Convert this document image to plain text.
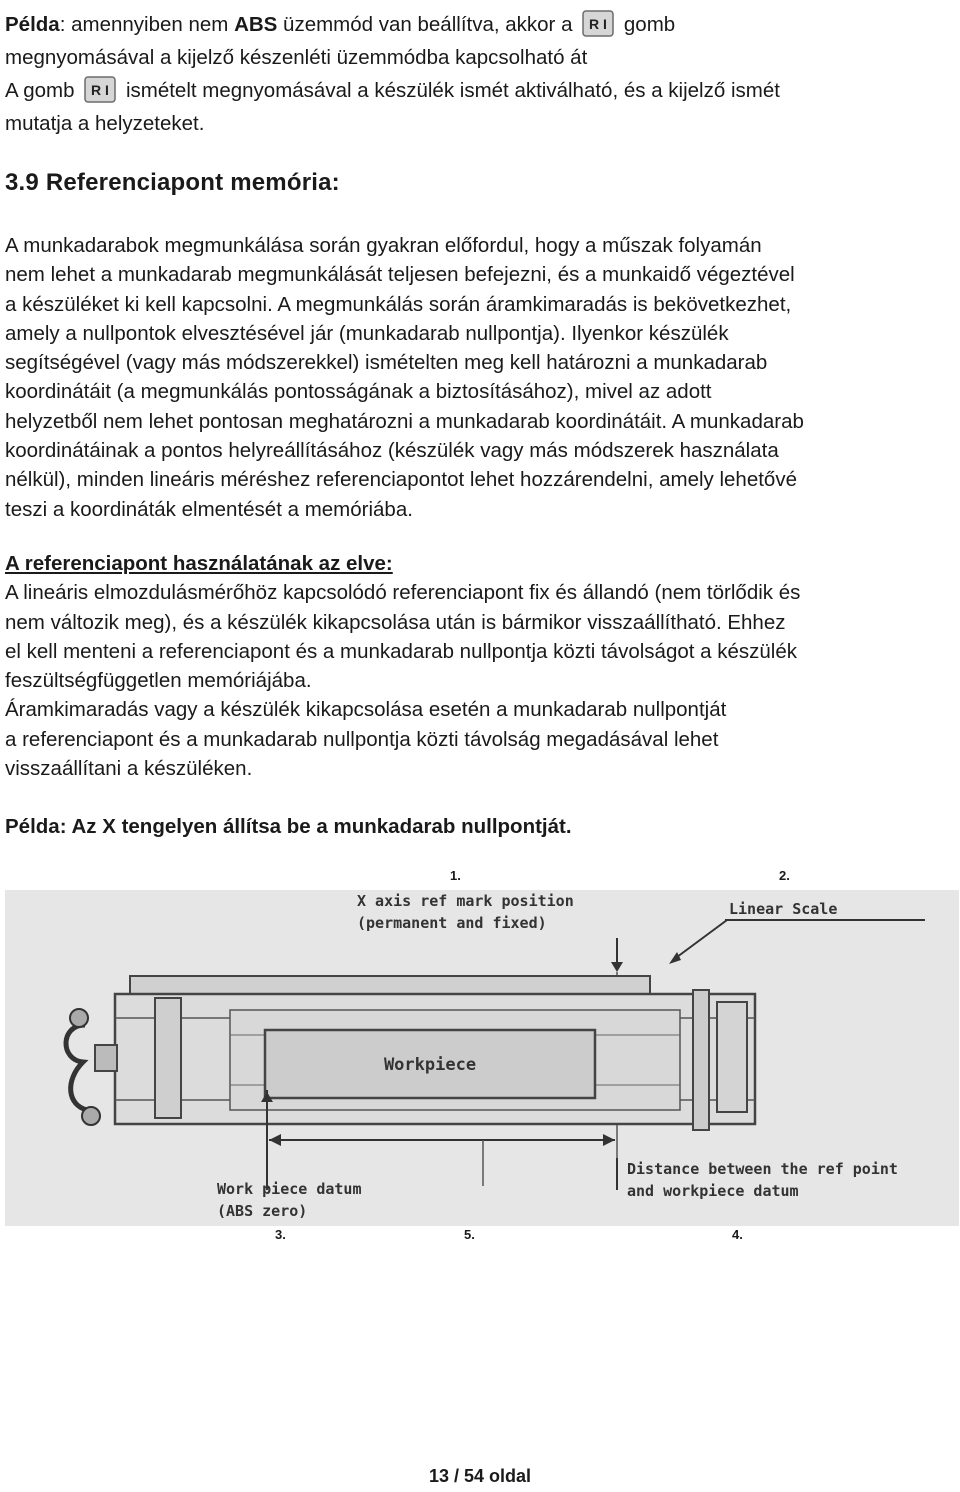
Példa: amennyiben nem ABS üzemmód van beállítva, akkor a R I gomb
megnyomásával a kijelző készenléti üzemmódba kapcsolható át
A gomb R I ismételt megnyomásával a készülék ismét aktiválható, és a kijelző ismét
mutatja a helyzeteket.
3.9 Referenciapont memória:
A munkadarabok megmunkálása során gyakran előfordul, hogy a műszak folyamán
nem lehet a munkadarab megmunkálását teljesen befejezni, és a munkaidő végeztével
a készüléket ki kell kapcsolni. A megmunkálás során áramkimaradás is bekövetkezhet,
amely a nullpontok elvesztésével jár (munkadarab nullpontja). Ilyenkor készülék
segítségével (vagy más módszerekkel) ismételten meg kell határozni a munkadarab
koordinátáit (a megmunkálás pontosságának a biztosításához), mivel az adott
helyzetből nem lehet pontosan meghatározni a munkadarab koordinátáit. A munkadarab
koordinátáinak a pontos helyreállításához (készülék vagy más módszerek használata
nélkül), minden lineáris méréshez referenciapontot lehet hozzárendelni, amely lehetővé
teszi a koordináták elmentését a memóriába.
A referenciapont használatának az elve:
A lineáris elmozdulásmérőhöz kapcsolódó referenciapont fix és állandó (nem törlődik és
nem változik meg), és a készülék kikapcsolása után is bármikor visszaállítható. Ehhez
el kell menteni a referenciapont és a munkadarab nullpontja közti távolságot a készülék
feszültségfüggetlen memóriájába.
Áramkimaradás vagy a készülék kikapcsolása esetén a munkadarab nullpontját
a referenciapont és a munkadarab nullpontja közti távolság megadásával lehet
visszaállítani a készüléken.
Példa: Az X tengelyen állítsa be a munkadarab nullpontját.
1.	2.
X axis ref mark position
(permanent and fixed)
Linear Scale
Workpiece
Work piece datum
(ABS zero)
Distance between the ref point
and workpiece datum
3.	5.	4.
13 / 54 oldal
